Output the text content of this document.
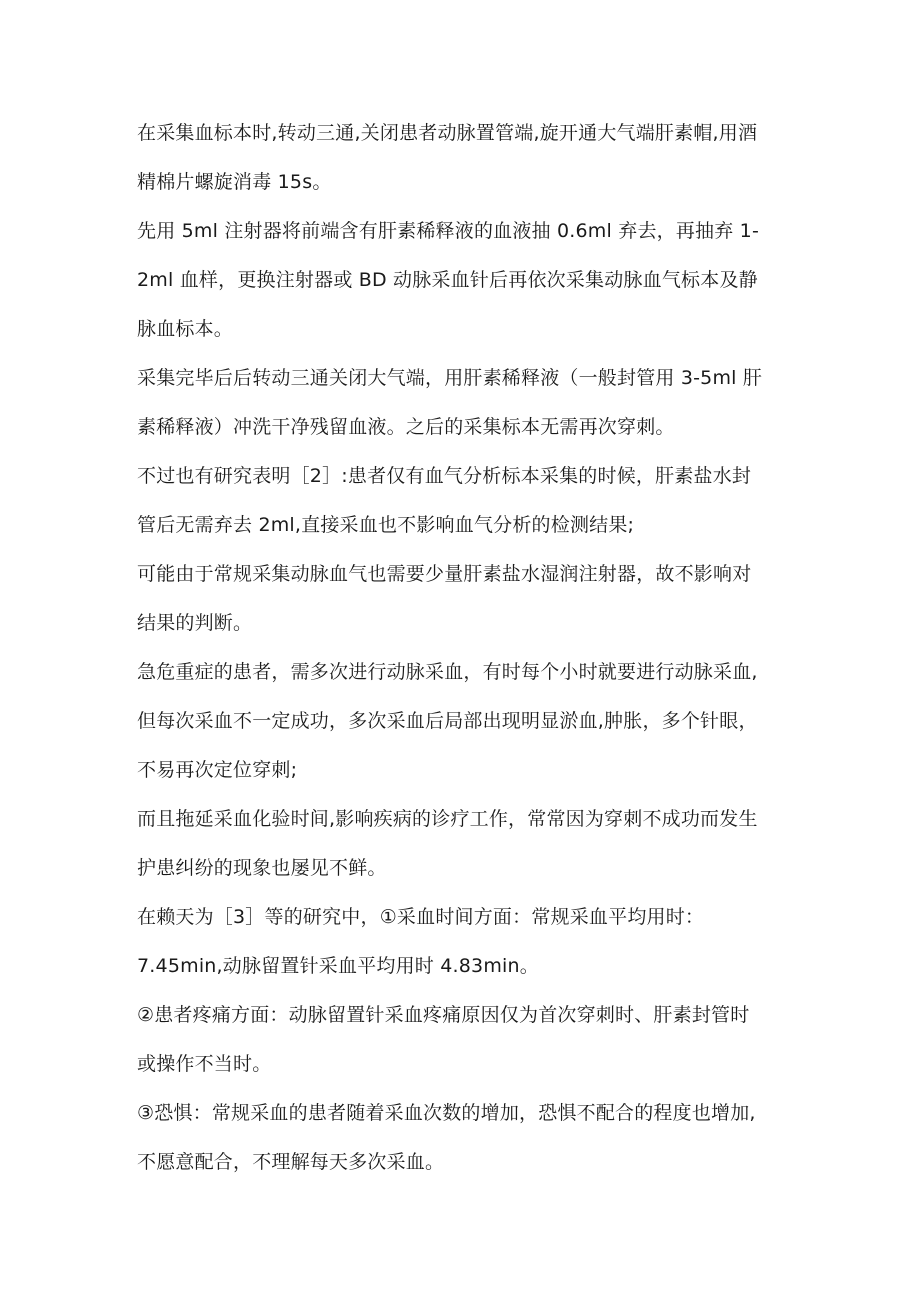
在采集血标本时,转动三通,关闭患者动脉置管端,旋开通大气端肝素帽,用酒
精棉片螺旋消毒 15s。
先用 5ml 注射器将前端含有肝素稀释液的血液抽 0.6ml 弃去，再抽弃 1-
2ml 血样，更换注射器或 BD 动脉采血针后再依次采集动脉血气标本及静
脉血标本。
采集完毕后后转动三通关闭大气端，用肝素稀释液（一般封管用 3-5ml 肝
素稀释液）冲洗干净残留血液。之后的采集标本无需再次穿刺。
不过也有研究表明［2］:患者仅有血气分析标本采集的时候，肝素盐水封
管后无需弃去 2ml,直接采血也不影响血气分析的检测结果;
可能由于常规采集动脉血气也需要少量肝素盐水湿润注射器，故不影响对
结果的判断。
急危重症的患者，需多次进行动脉采血，有时每个小时就要进行动脉采血,
但每次采血不一定成功，多次采血后局部出现明显淤血,肿胀，多个针眼，
不易再次定位穿刺;
而且拖延采血化验时间,影响疾病的诊疗工作，常常因为穿刺不成功而发生
护患纠纷的现象也屡见不鲜。
在赖天为［3］等的研究中，①采血时间方面：常规采血平均用时：
7.45min,动脉留置针采血平均用时 4.83min。
②患者疼痛方面：动脉留置针采血疼痛原因仅为首次穿刺时、肝素封管时
或操作不当时。
③恐惧：常规采血的患者随着采血次数的增加，恐惧不配合的程度也增加,
不愿意配合，不理解每天多次采血。
